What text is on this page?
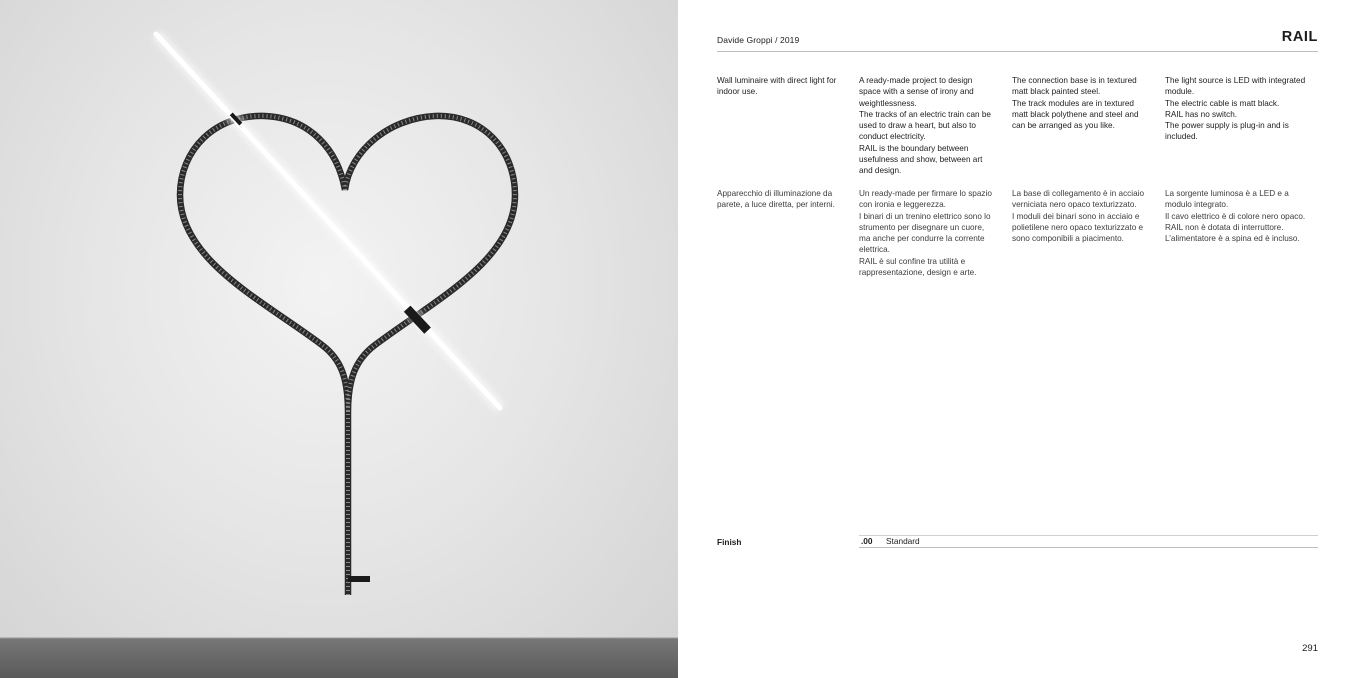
Davide Groppi / 2019	RAIL
Wall luminaire with direct light for indoor use.
A ready-made project to design space with a sense of irony and weightlessness.
The tracks of an electric train can be used to draw a heart, but also to conduct electricity.
RAIL is the boundary between usefulness and show, between art and design.
The connection base is in textured matt black painted steel.
The track modules are in textured matt black polythene and steel and can be arranged as you like.
The light source is LED with integrated module.
The electric cable is matt black.
RAIL has no switch.
The power supply is plug-in and is included.
Apparecchio di illuminazione da parete, a luce diretta, per interni.
Un ready-made per firmare lo spazio con ironia e leggerezza.
I binari di un trenino elettrico sono lo strumento per disegnare un cuore, ma anche per condurre la corrente elettrica.
RAIL è sul confine tra utilità e rappresentazione, design e arte.
La base di collegamento è in acciaio verniciata nero opaco texturizzato.
I moduli dei binari sono in acciaio e polietilene nero opaco texturizzato e sono componibili a piacimento.
La sorgente luminosa è a LED e a modulo integrato.
Il cavo elettrico è di colore nero opaco.
RAIL non è dotata di interruttore.
L’alimentatore è a spina ed è incluso.
Finish	.00 Standard
291
